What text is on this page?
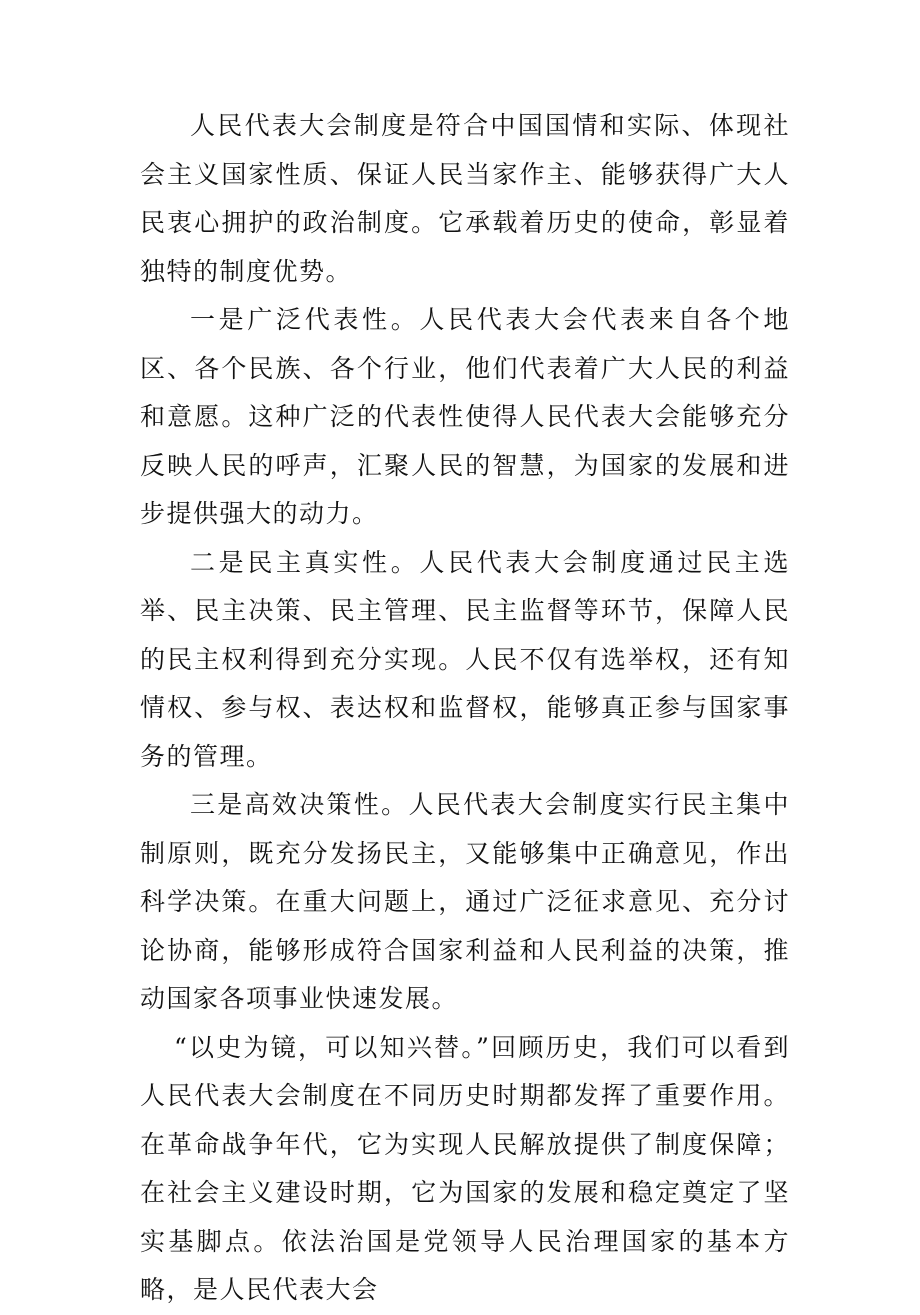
人民代表大会制度是符合中国国情和实际、体现社会主义国家性质、保证人民当家作主、能够获得广大人民衷心拥护的政治制度。它承载着历史的使命，彰显着独特的制度优势。

一是广泛代表性。人民代表大会代表来自各个地区、各个民族、各个行业，他们代表着广大人民的利益和意愿。这种广泛的代表性使得人民代表大会能够充分反映人民的呼声，汇聚人民的智慧，为国家的发展和进步提供强大的动力。

二是民主真实性。人民代表大会制度通过民主选举、民主决策、民主管理、民主监督等环节，保障人民的民主权利得到充分实现。人民不仅有选举权，还有知情权、参与权、表达权和监督权，能够真正参与国家事务的管理。

三是高效决策性。人民代表大会制度实行民主集中制原则，既充分发扬民主，又能够集中正确意见，作出科学决策。在重大问题上，通过广泛征求意见、充分讨论协商，能够形成符合国家利益和人民利益的决策，推动国家各项事业快速发展。

“以史为镜，可以知兴替。”回顾历史，我们可以看到人民代表大会制度在不同历史时期都发挥了重要作用。在革命战争年代，它为实现人民解放提供了制度保障；在社会主义建设时期，它为国家的发展和稳定奠定了坚实基脚点。依法治国是党领导人民治理国家的基本方略，是人民代表大会
